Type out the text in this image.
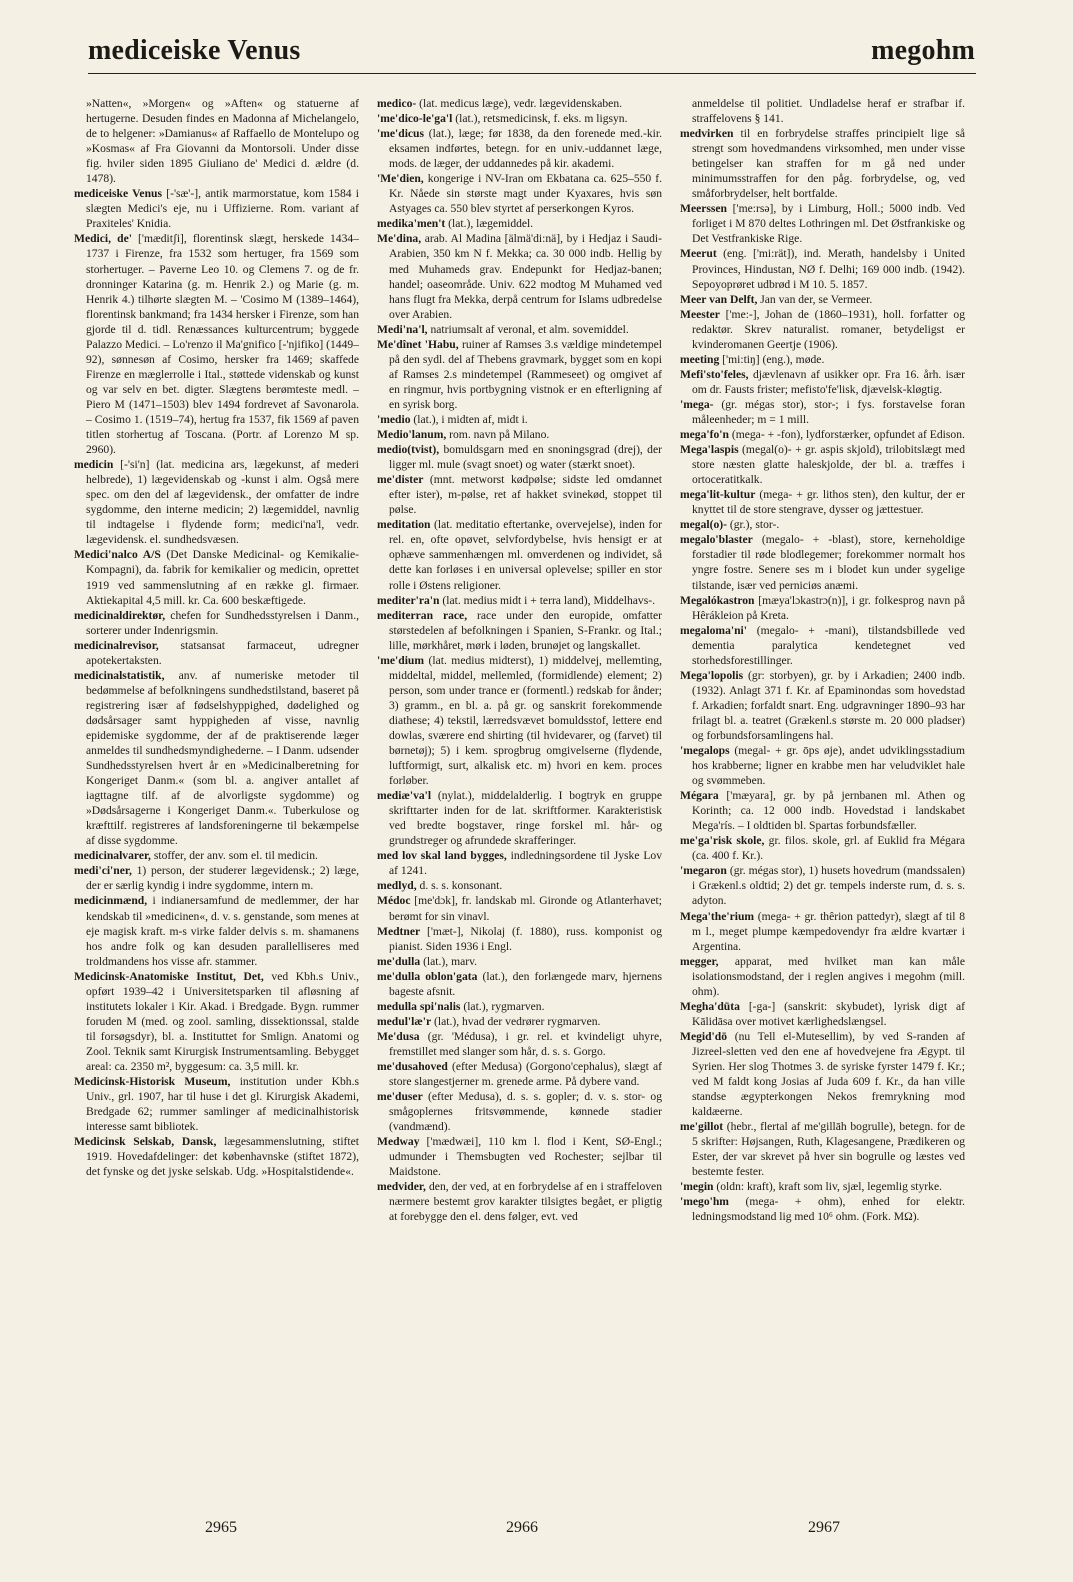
mediceiske Venus	megohm

»Natten«, »Morgen« og »Aften« og statuerne af hertugerne. Desuden findes en Madonna af Michelangelo, de to helgener: »Damianus« af Raffaello de Montelupo og »Kosmas« af Fra Giovanni da Montorsoli. Under disse fig. hviler siden 1895 Giuliano de' Medici d. ældre (d. 1478).

mediceiske Venus [-'sæ'-], antik marmorstatue, kom 1584 i slægten Medici's eje, nu i Uffizierne. Rom. variant af Praxiteles' Knidia.

Medici, de' ['mæditʃi], florentinsk slægt, herskede 1434–1737 i Firenze, fra 1532 som hertuger, fra 1569 som storhertuger. – Paverne Leo 10. og Clemens 7. og de fr. dronninger Katarina (g. m. Henrik 2.) og Marie (g. m. Henrik 4.) tilhørte slægten M. – 'Cosimo M (1389–1464), florentinsk bankmand; fra 1434 hersker i Firenze, som han gjorde til d. tidl. Renæssances kulturcentrum; byggede Palazzo Medici. – Lo'renzo il Ma'gnifico [-'njifiko] (1449–92), sønnesøn af Cosimo, hersker fra 1469; skaffede Firenze en mæglerrolle i Ital., støttede videnskab og kunst og var selv en bet. digter. Slægtens berømteste medl. – Piero M (1471–1503) blev 1494 fordrevet af Savonarola. – Cosimo 1. (1519–74), hertug fra 1537, fik 1569 af paven titlen storhertug af Toscana. (Portr. af Lorenzo M sp. 2960).

medicin [-'si'n] (lat. medicina ars, lægekunst, af mederi helbrede), 1) lægevidenskab og -kunst i alm. Også mere spec. om den del af lægevidensk., der omfatter de indre sygdomme, den interne medicin; 2) lægemiddel, navnlig til indtagelse i flydende form; medici'na'l, vedr. lægevidensk. el. sundhedsvæsen.

Medici'nalco A/S (Det Danske Medicinal- og Kemikalie-Kompagni), da. fabrik for kemikalier og medicin, oprettet 1919 ved sammenslutning af en række gl. firmaer. Aktiekapital 4,5 mill. kr. Ca. 600 beskæftigede.

medicinaldirektør, chefen for Sundhedsstyrelsen i Danm., sorterer under Indenrigsmin.

medicinalrevisor, statsansat farmaceut, udregner apotekertaksten.

medicinalstatistik, anv. af numeriske metoder til bedømmelse af befolkningens sundhedstilstand, baseret på registrering især af fødselshyppighed, dødelighed og dødsårsager samt hyppigheden af visse, navnlig epidemiske sygdomme, der af de praktiserende læger anmeldes til sundhedsmyndighederne. – I Danm. udsender Sundhedsstyrelsen hvert år en »Medicinalberetning for Kongeriget Danm.« (som bl. a. angiver antallet af iagttagne tilf. af de alvorligste sygdomme) og »Dødsårsagerne i Kongeriget Danm.«. Tuberkulose og kræfttilf. registreres af landsforeningerne til bekæmpelse af disse sygdomme.

medicinalvarer, stoffer, der anv. som el. til medicin.

medi'ci'ner, 1) person, der studerer lægevidensk.; 2) læge, der er særlig kyndig i indre sygdomme, intern m.

medicinmænd, i indianersamfund de medlemmer, der har kendskab til »medicinen«, d. v. s. genstande, som menes at eje magisk kraft. m-s virke falder delvis s. m. shamanens hos andre folk og kan desuden parallelliseres med troldmandens hos visse afr. stammer.

Medicinsk-Anatomiske Institut, Det, ved Kbh.s Univ., opført 1939–42 i Universitetsparken til afløsning af institutets lokaler i Kir. Akad. i Bredgade. Bygn. rummer foruden M (med. og zool. samling, dissektionssal, stalde til forsøgsdyr), bl. a. Instituttet for Smlign. Anatomi og Zool. Teknik samt Kirurgisk Instrumentsamling. Bebygget areal: ca. 2350 m², byggesum: ca. 3,5 mill. kr.

Medicinsk-Historisk Museum, institution under Kbh.s Univ., grl. 1907, har til huse i det gl. Kirurgisk Akademi, Bredgade 62; rummer samlinger af medicinalhistorisk interesse samt bibliotek.

Medicinsk Selskab, Dansk, lægesammenslutning, stiftet 1919. Hovedafdelinger: det københavnske (stiftet 1872), det fynske og det jyske selskab. Udg. »Hospitalstidende«.

medico- (lat. medicus læge), vedr. lægevidenskaben.

'me'dico-le'ga'l (lat.), retsmedicinsk, f. eks. m ligsyn.

'me'dicus (lat.), læge; før 1838, da den forenede med.-kir. eksamen indførtes, betegn. for en univ.-uddannet læge, mods. de læger, der uddannedes på kir. akademi.

'Me'dien, kongerige i NV-Iran om Ekbatana ca. 625–550 f. Kr. Nåede sin største magt under Kyaxares, hvis søn Astyages ca. 550 blev styrtet af perserkongen Kyros.

medika'men't (lat.), lægemiddel.

Me'dina, arab. Al Madina [älmä'di:nä], by i Hedjaz i Saudi-Arabien, 350 km N f. Mekka; ca. 30 000 indb. Hellig by med Muhameds grav. Endepunkt for Hedjaz-banen; handel; oaseområde. Univ. 622 modtog M Muhamed ved hans flugt fra Mekka, derpå centrum for Islams udbredelse over Arabien.

Medi'na'l, natriumsalt af veronal, et alm. sovemiddel.

Me'dînet 'Habu, ruiner af Ramses 3.s vældige mindetempel på den sydl. del af Thebens gravmark, bygget som en kopi af Ramses 2.s mindetempel (Rammeseet) og omgivet af en ringmur, hvis portbygning vistnok er en efterligning af en syrisk borg.

'medio (lat.), i midten af, midt i.

Medio'lanum, rom. navn på Milano.

medio(tvist), bomuldsgarn med en snoningsgrad (drej), der ligger ml. mule (svagt snoet) og water (stærkt snoet).

me'dister (mnt. metworst kødpølse; sidste led omdannet efter ister), m-pølse, ret af hakket svinekød, stoppet til pølse.

meditation (lat. meditatio eftertanke, overvejelse), inden for rel. en, ofte opøvet, selvfordybelse, hvis hensigt er at ophæve sammenhængen ml. omverdenen og individet, så dette kan forløses i en universal oplevelse; spiller en stor rolle i Østens religioner.

mediter'ra'n (lat. medius midt i + terra land), Middelhavs-.

mediterran race, race under den europide, omfatter størstedelen af befolkningen i Spanien, S-Frankr. og Ital.; lille, mørkhåret, mørk i løden, brunøjet og langskallet.

'me'dium (lat. medius midterst), 1) middelvej, mellemting, middeltal, middel, mellemled, (formidlende) element; 2) person, som under trance er (formentl.) redskab for ånder; 3) gramm., en bl. a. på gr. og sanskrit forekommende diathese; 4) tekstil, lærredsvævet bomuldsstof, lettere end dowlas, sværere end shirting (til hvidevarer, og (farvet) til børnetøj); 5) i kem. sprogbrug omgivelserne (flydende, luftformigt, surt, alkalisk etc. m) hvori en kem. proces forløber.

mediæ'va'l (nylat.), middelalderlig. I bogtryk en gruppe skrifttarter inden for de lat. skriftformer. Karakteristisk ved bredte bogstaver, ringe forskel ml. hår- og grundstreger og afrundede skrafferinger.

med lov skal land bygges, indledningsordene til Jyske Lov af 1241.

medlyd, d. s. s. konsonant.

Médoc [me'dɔk], fr. landskab ml. Gironde og Atlanterhavet; berømt for sin vinavl.

Medtner ['mæt-], Nikolaj (f. 1880), russ. komponist og pianist. Siden 1936 i Engl.

me'dulla (lat.), marv.

me'dulla oblon'gata (lat.), den forlængede marv, hjernens bageste afsnit.

medulla spi'nalis (lat.), rygmarven.

medul'læ'r (lat.), hvad der vedrører rygmarven.

Me'dusa (gr. 'Médusa), i gr. rel. et kvindeligt uhyre, fremstillet med slanger som hår, d. s. s. Gorgo.

me'dusahoved (efter Medusa) (Gorgono'cephalus), slægt af store slangestjerner m. grenede arme. På dybere vand.

me'duser (efter Medusa), d. s. s. gopler; d. v. s. stor- og smågoplernes fritsvømmende, kønnede stadier (vandmænd).

Medway ['mædwæi], 110 km l. flod i Kent, SØ-Engl.; udmunder i Themsbugten ved Rochester; sejlbar til Maidstone.

medvider, den, der ved, at en forbrydelse af en i straffeloven nærmere bestemt grov karakter tilsigtes begået, er pligtig at forebygge den el. dens følger, evt. ved

anmeldelse til politiet. Undladelse heraf er strafbar if. straffelovens § 141.

medvirken til en forbrydelse straffes principielt lige så strengt som hovedmandens virksomhed, men under visse betingelser kan straffen for m gå ned under minimumsstraffen for den påg. forbrydelse, og, ved småforbrydelser, helt bortfalde.

Meerssen ['me:rsə], by i Limburg, Holl.; 5000 indb. Ved forliget i M 870 deltes Lothringen ml. Det Østfrankiske og Det Vestfrankiske Rige.

Meerut (eng. ['mi:rät]), ind. Merath, handelsby i United Provinces, Hindustan, NØ f. Delhi; 169 000 indb. (1942). Sepoyoprøret udbrød i M 10. 5. 1857.

Meer van Delft, Jan van der, se Vermeer.

Meester ['me:-], Johan de (1860–1931), holl. forfatter og redaktør. Skrev naturalist. romaner, betydeligst er kvinderomanen Geertje (1906).

meeting ['mi:tiŋ] (eng.), møde.

Mefi'sto'feles, djævlenavn af usikker opr. Fra 16. årh. især om dr. Fausts frister; mefisto'fe'lisk, djævelsk-kløgtig.

'mega- (gr. mégas stor), stor-; i fys. forstavelse foran måleenheder; m = 1 mill.

mega'fo'n (mega- + -fon), lydforstærker, opfundet af Edison.

Mega'laspis (megal(o)- + gr. aspis skjold), trilobitslægt med store næsten glatte haleskjolde, der bl. a. træffes i ortoceratitkalk.

mega'lit-kultur (mega- + gr. lithos sten), den kultur, der er knyttet til de store stengrave, dysser og jættestuer.

megal(o)- (gr.), stor-.

megalo'blaster (megalo- + -blast), store, kerneholdige forstadier til røde blodlegemer; forekommer normalt hos yngre fostre. Senere ses m i blodet kun under sygelige tilstande, især ved perniciøs anæmi.

Megalókastron [mæya'lɔkastrɔ(n)], i gr. folkesprog navn på Hêrákleion på Kreta.

megaloma'ni' (megalo- + -mani), tilstandsbillede ved dementia paralytica kendetegnet ved storhedsforestillinger.

Mega'lopolis (gr: storbyen), gr. by i Arkadien; 2400 indb. (1932). Anlagt 371 f. Kr. af Epaminondas som hovedstad f. Arkadien; forfaldt snart. Eng. udgravninger 1890–93 har frilagt bl. a. teatret (Grækenl.s største m. 20 000 pladser) og forbundsforsamlingens hal.

'megalops (megal- + gr. ōps øje), andet udviklingsstadium hos krabberne; ligner en krabbe men har veludviklet hale og svømmeben.

Mégara ['mæyara], gr. by på jernbanen ml. Athen og Korinth; ca. 12 000 indb. Hovedstad i landskabet Mega'rís. – I oldtiden bl. Spartas forbundsfæller.

me'ga'risk skole, gr. filos. skole, grl. af Euklid fra Mégara (ca. 400 f. Kr.).

'megaron (gr. mégas stor), 1) husets hovedrum (mandssalen) i Grækenl.s oldtid; 2) det gr. tempels inderste rum, d. s. s. adyton.

Mega'the'rium (mega- + gr. thêrion pattedyr), slægt af til 8 m l., meget plumpe kæmpedovendyr fra ældre kvartær i Argentina.

megger, apparat, med hvilket man kan måle isolationsmodstand, der i reglen angives i megohm (mill. ohm).

Megha'dūta [-ga-] (sanskrit: skybudet), lyrisk digt af Kālidāsa over motivet kærlighedslængsel.

Megid'dō (nu Tell el-Mutesellim), by ved S-randen af Jizreel-sletten ved den ene af hovedvejene fra Ægypt. til Syrien. Her slog Thotmes 3. de syriske fyrster 1479 f. Kr.; ved M faldt kong Josias af Juda 609 f. Kr., da han ville standse ægypterkongen Nekos fremrykning mod kaldæerne.

me'gillot (hebr., flertal af me'gillāh bogrulle), betegn. for de 5 skrifter: Højsangen, Ruth, Klagesangene, Prædikeren og Ester, der var skrevet på hver sin bogrulle og læstes ved bestemte fester.

'megin (oldn: kraft), kraft som liv, sjæl, legemlig styrke.

'mego'hm (mega- + ohm), enhed for elektr. ledningsmodstand lig med 10⁶ ohm. (Fork. MΩ).

2965	2966	2967
